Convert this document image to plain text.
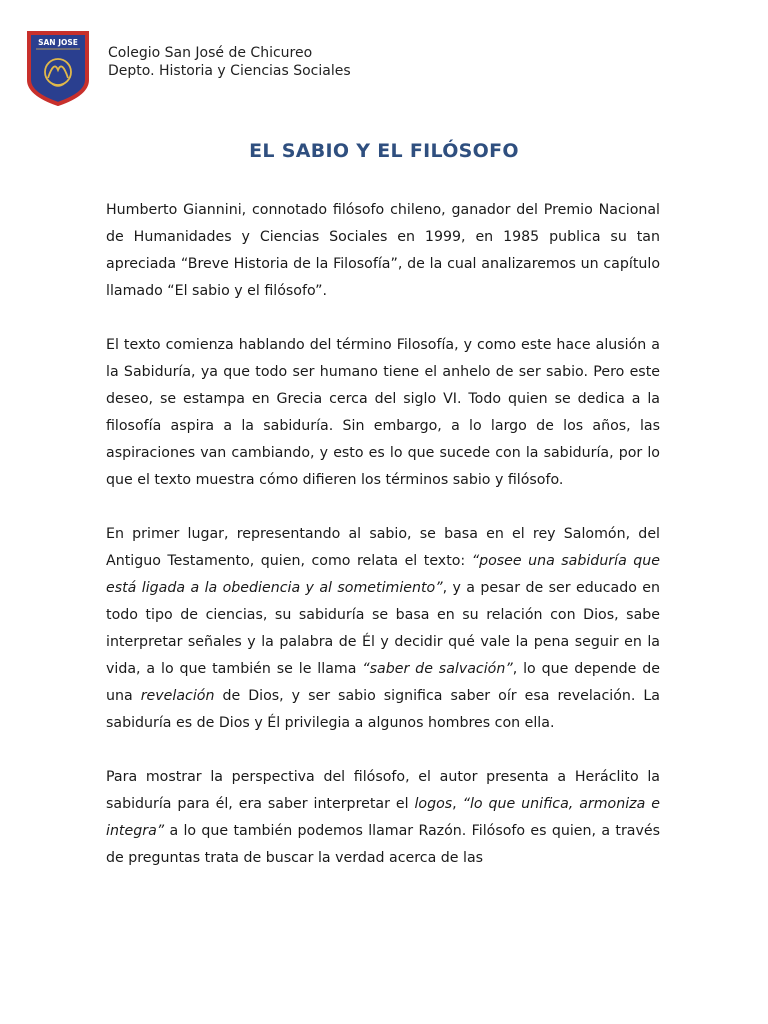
SAN JOSE
Colegio San José de Chicureo
Depto. Historia y Ciencias Sociales
EL SABIO Y EL FILÓSOFO

Humberto Giannini, connotado filósofo chileno, ganador del Premio Nacional de Humanidades y Ciencias Sociales en 1999, en 1985 publica su tan apreciada “Breve Historia de la Filosofía”, de la cual analizaremos un capítulo llamado “El sabio y el filósofo”.

El texto comienza hablando del término Filosofía, y como este hace alusión a la Sabiduría, ya que todo ser humano tiene el anhelo de ser sabio. Pero este deseo, se estampa en Grecia cerca del siglo VI. Todo quien se dedica a la filosofía aspira a la sabiduría. Sin embargo, a lo largo de los años, las aspiraciones van cambiando, y esto es lo que sucede con la sabiduría, por lo que el texto muestra cómo difieren los términos sabio y filósofo.

En primer lugar, representando al sabio, se basa en el rey Salomón, del Antiguo Testamento, quien, como relata el texto: “posee una sabiduría que está ligada a la obediencia y al sometimiento”, y a pesar de ser educado en todo tipo de ciencias, su sabiduría se basa en su relación con Dios, sabe interpretar señales y la palabra de Él y decidir qué vale la pena seguir en la vida, a lo que también se le llama “saber de salvación”, lo que depende de una revelación de Dios, y ser sabio significa saber oír esa revelación. La sabiduría es de Dios y Él privilegia a algunos hombres con ella.

Para mostrar la perspectiva del filósofo, el autor presenta a Heráclito la sabiduría para él, era saber interpretar el logos, “lo que unifica, armoniza e integra” a lo que también podemos llamar Razón. Filósofo es quien, a través de preguntas trata de buscar la verdad acerca de las
